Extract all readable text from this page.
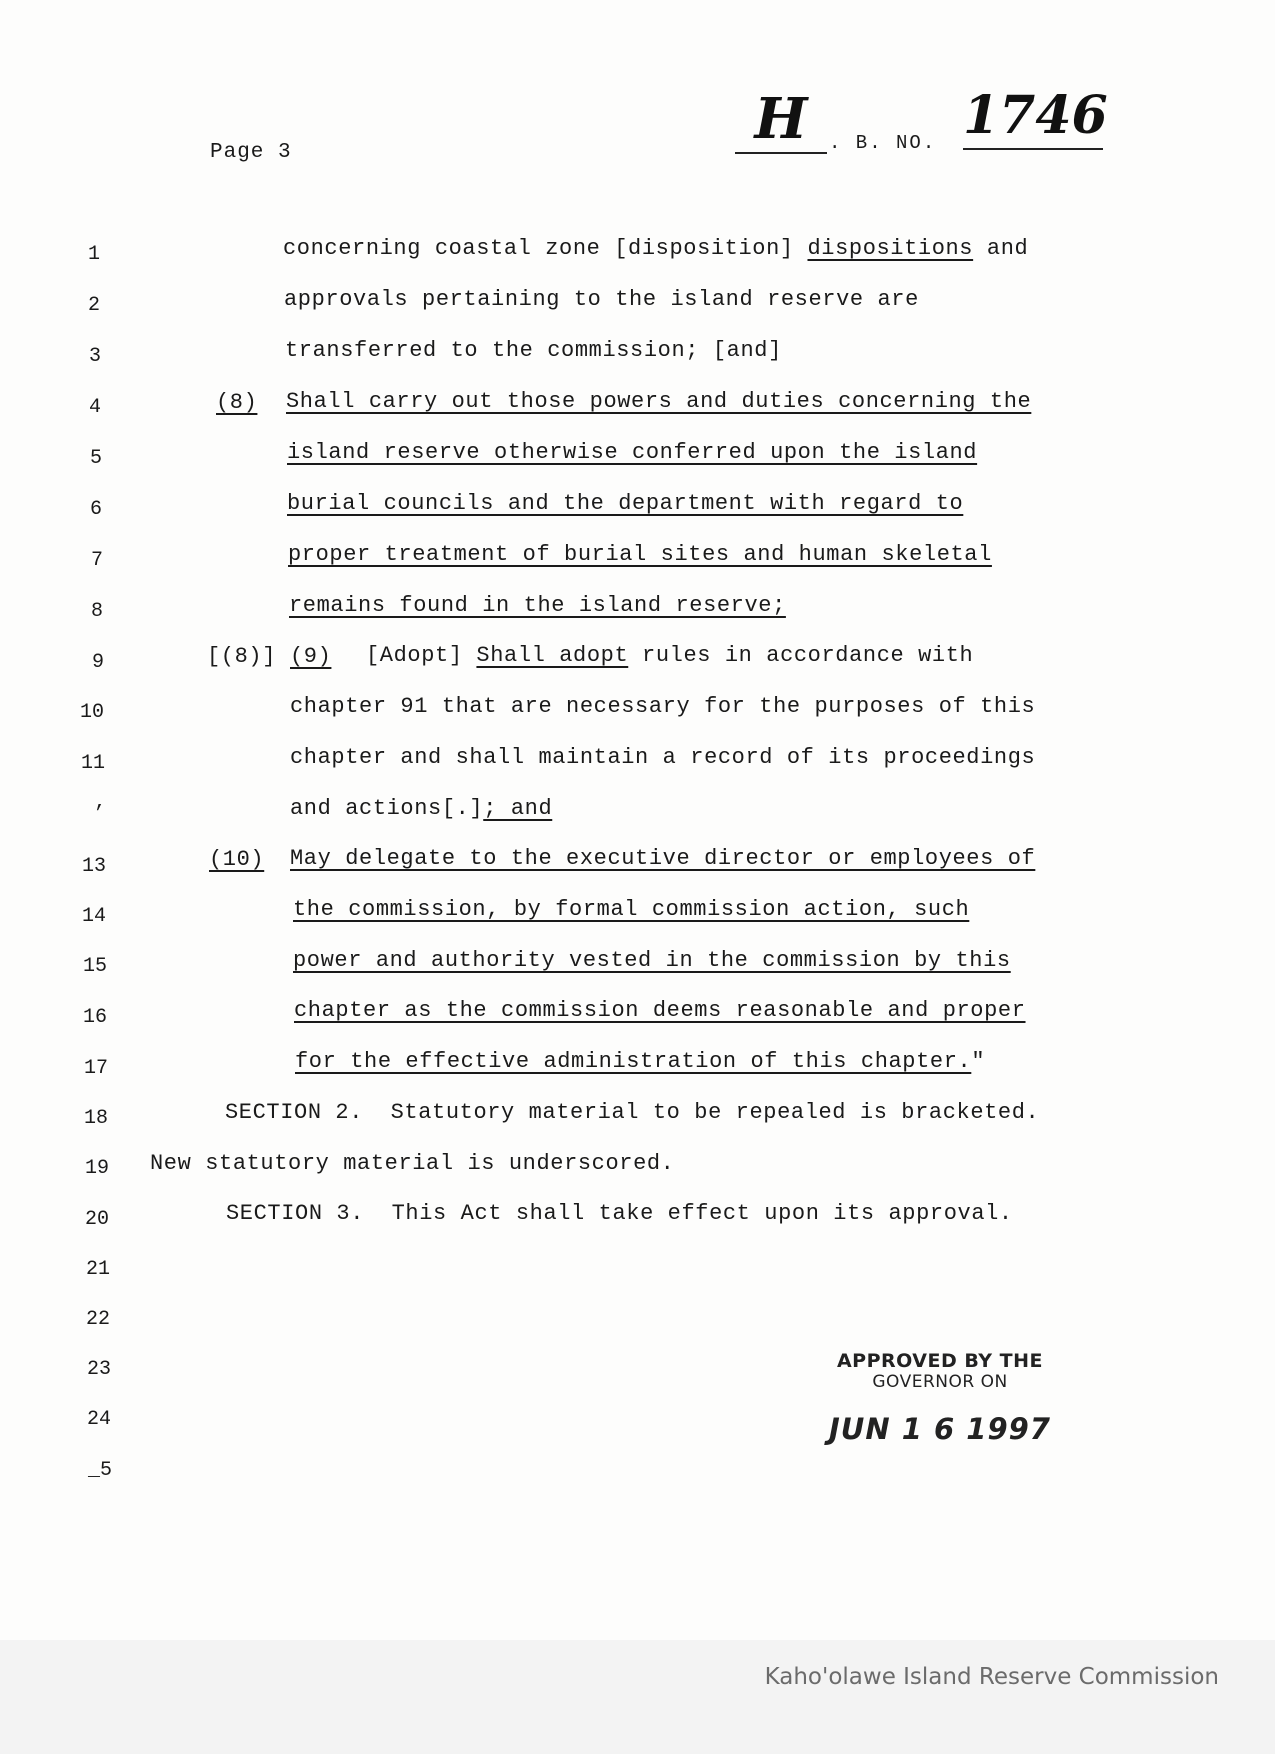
Kaho'olawe Island Reserve Commission
Page 3
H	. B. NO. 1746
1
2
3
4
5
6
7
8
9
10
11
’
13
14
15
16
17
18
19
20
21
22
23
24
_5
concerning coastal zone [disposition] dispositions and
approvals pertaining to the island reserve are
transferred to the commission; [and]
(8) Shall carry out those powers and duties concerning the
island reserve otherwise conferred upon the island
burial councils and the department with regard to
proper treatment of burial sites and human skeletal
remains found in the island reserve;
[(8)] (9) [Adopt] Shall adopt rules in accordance with
chapter 91 that are necessary for the purposes of this
chapter and shall maintain a record of its proceedings
and actions[.]; and
(10) May delegate to the executive director or employees of
the commission, by formal commission action, such
power and authority vested in the commission by this
chapter as the commission deems reasonable and proper
for the effective administration of this chapter."
SECTION 2.  Statutory material to be repealed is bracketed.
New statutory material is underscored.
SECTION 3.  This Act shall take effect upon its approval.
APPROVED BY THE
GOVERNOR ON
JUN 1 6 1997
